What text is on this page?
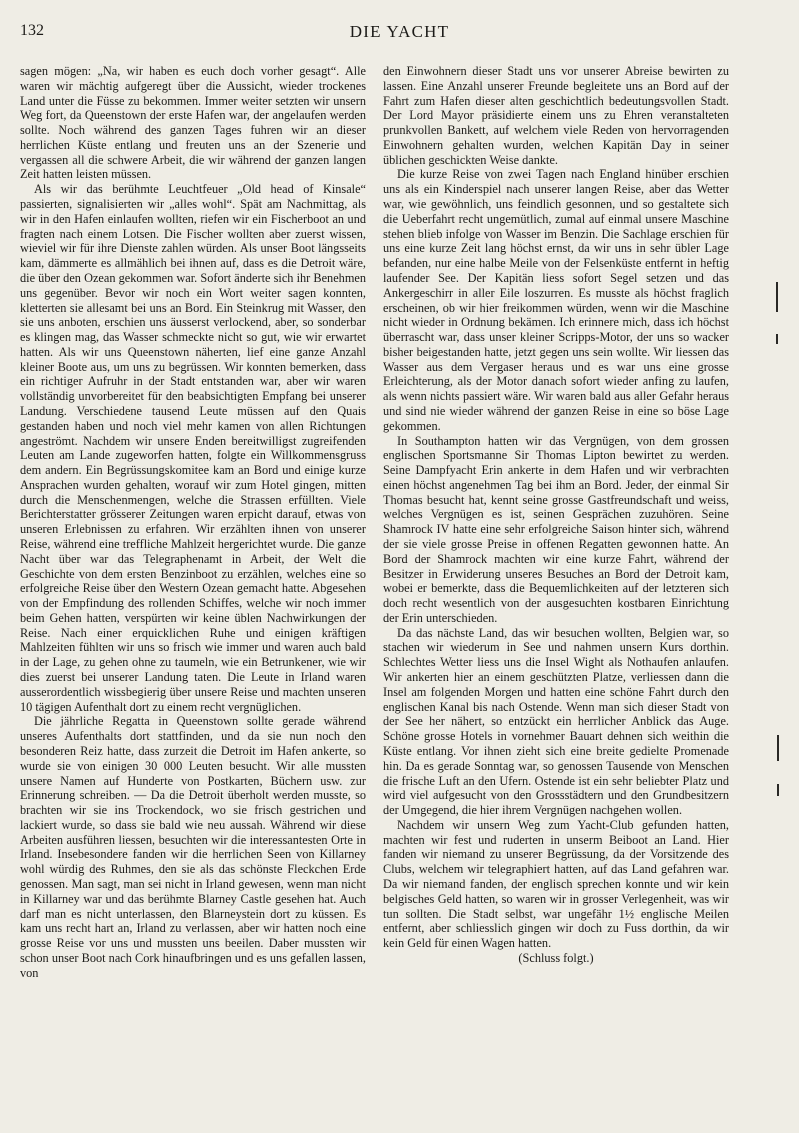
132	DIE YACHT

sagen mögen: „Na, wir haben es euch doch vorher gesagt“. Alle waren wir mächtig aufgeregt über die Aussicht, wieder trockenes Land unter die Füsse zu bekommen. Immer weiter setzten wir unsern Weg fort, da Queenstown der erste Hafen war, der angelaufen werden sollte. Noch während des ganzen Tages fuhren wir an dieser herrlichen Küste entlang und freuten uns an der Szenerie und vergassen all die schwere Arbeit, die wir während der ganzen langen Zeit hatten leisten müssen.

Als wir das berühmte Leuchtfeuer „Old head of Kinsale“ passierten, signalisierten wir „alles wohl“. Spät am Nachmittag, als wir in den Hafen einlaufen wollten, riefen wir ein Fischerboot an und fragten nach einem Lotsen. Die Fischer wollten aber zuerst wissen, wieviel wir für ihre Dienste zahlen würden. Als unser Boot längsseits kam, dämmerte es allmählich bei ihnen auf, dass es die Detroit wäre, die über den Ozean gekommen war. Sofort änderte sich ihr Benehmen uns gegenüber. Bevor wir noch ein Wort weiter sagen konnten, kletterten sie allesamt bei uns an Bord. Ein Steinkrug mit Wasser, den sie uns anboten, erschien uns äusserst verlockend, aber, so sonderbar es klingen mag, das Wasser schmeckte nicht so gut, wie wir erwartet hatten. Als wir uns Queenstown näherten, lief eine ganze Anzahl kleiner Boote aus, um uns zu begrüssen. Wir konnten bemerken, dass ein richtiger Aufruhr in der Stadt entstanden war, aber wir waren vollständig unvorbereitet für den beabsichtigten Empfang bei unserer Landung. Verschiedene tausend Leute müssen auf den Quais gestanden haben und noch viel mehr kamen von allen Richtungen angeströmt. Nachdem wir unsere Enden bereitwilligst zugreifenden Leuten am Lande zugeworfen hatten, folgte ein Willkommensgruss dem andern. Ein Begrüssungskomitee kam an Bord und einige kurze Ansprachen wurden gehalten, worauf wir zum Hotel gingen, mitten durch die Menschenmengen, welche die Strassen erfüllten. Viele Berichterstatter grösserer Zeitungen waren erpicht darauf, etwas von unseren Erlebnissen zu erfahren. Wir erzählten ihnen von unserer Reise, während eine treffliche Mahlzeit hergerichtet wurde. Die ganze Nacht über war das Telegraphenamt in Arbeit, der Welt die Geschichte von dem ersten Benzinboot zu erzählen, welches eine so erfolgreiche Reise über den Western Ozean gemacht hatte. Abgesehen von der Empfindung des rollenden Schiffes, welche wir noch immer beim Gehen hatten, verspürten wir keine üblen Nachwirkungen der Reise. Nach einer erquicklichen Ruhe und einigen kräftigen Mahlzeiten fühlten wir uns so frisch wie immer und waren auch bald in der Lage, zu gehen ohne zu taumeln, wie ein Betrunkener, wie wir dies zuerst bei unserer Landung taten. Die Leute in Irland waren ausserordentlich wissbegierig über unsere Reise und machten unseren 10 tägigen Aufenthalt dort zu einem recht vergnüglichen.

Die jährliche Regatta in Queenstown sollte gerade während unseres Aufenthalts dort stattfinden, und da sie nun noch den besonderen Reiz hatte, dass zurzeit die Detroit im Hafen ankerte, so wurde sie von einigen 30 000 Leuten besucht. Wir alle mussten unsere Namen auf Hunderte von Postkarten, Büchern usw. zur Erinnerung schreiben. — Da die Detroit überholt werden musste, so brachten wir sie ins Trockendock, wo sie frisch gestrichen und lackiert wurde, so dass sie bald wie neu aussah. Während wir diese Arbeiten ausführen liessen, besuchten wir die interessantesten Orte in Irland. Insebesondere fanden wir die herrlichen Seen von Killarney wohl würdig des Ruhmes, den sie als das schönste Fleckchen Erde genossen. Man sagt, man sei nicht in Irland gewesen, wenn man nicht in Killarney war und das berühmte Blarney Castle gesehen hat. Auch darf man es nicht unterlassen, den Blarneystein dort zu küssen. Es kam uns recht hart an, Irland zu verlassen, aber wir hatten noch eine grosse Reise vor uns und mussten uns beeilen. Daber mussten wir schon unser Boot nach Cork hinaufbringen und es uns gefallen lassen, von

den Einwohnern dieser Stadt uns vor unserer Abreise bewirten zu lassen. Eine Anzahl unserer Freunde begleitete uns an Bord auf der Fahrt zum Hafen dieser alten geschichtlich bedeutungsvollen Stadt. Der Lord Mayor präsidierte einem uns zu Ehren veranstalteten prunkvollen Bankett, auf welchem viele Reden von hervorragenden Einwohnern gehalten wurden, welchen Kapitän Day in seiner üblichen geschickten Weise dankte.

Die kurze Reise von zwei Tagen nach England hinüber erschien uns als ein Kinderspiel nach unserer langen Reise, aber das Wetter war, wie gewöhnlich, uns feindlich gesonnen, und so gestaltete sich die Ueberfahrt recht ungemütlich, zumal auf einmal unsere Maschine stehen blieb infolge von Wasser im Benzin. Die Sachlage erschien für uns eine kurze Zeit lang höchst ernst, da wir uns in sehr übler Lage befanden, nur eine halbe Meile von der Felsenküste entfernt in heftig laufender See. Der Kapitän liess sofort Segel setzen und das Ankergeschirr in aller Eile loszurren. Es musste als höchst fraglich erscheinen, ob wir hier freikommen würden, wenn wir die Maschine nicht wieder in Ordnung bekämen. Ich erinnere mich, dass ich höchst überrascht war, dass unser kleiner Scripps-Motor, der uns so wacker bisher beigestanden hatte, jetzt gegen uns sein wollte. Wir liessen das Wasser aus dem Vergaser heraus und es war uns eine grosse Erleichterung, als der Motor danach sofort wieder anfing zu laufen, als wenn nichts passiert wäre. Wir waren bald aus aller Gefahr heraus und sind nie wieder während der ganzen Reise in eine so böse Lage gekommen.

In Southampton hatten wir das Vergnügen, von dem grossen englischen Sportsmanne Sir Thomas Lipton bewirtet zu werden. Seine Dampfyacht Erin ankerte in dem Hafen und wir verbrachten einen höchst angenehmen Tag bei ihm an Bord. Jeder, der einmal Sir Thomas besucht hat, kennt seine grosse Gastfreundschaft und weiss, welches Vergnügen es ist, seinen Gesprächen zuzuhören. Seine Shamrock IV hatte eine sehr erfolgreiche Saison hinter sich, während der sie viele grosse Preise in offenen Regatten gewonnen hatte. An Bord der Shamrock machten wir eine kurze Fahrt, während der Besitzer in Erwiderung unseres Besuches an Bord der Detroit kam, wobei er bemerkte, dass die Bequemlichkeiten auf der letzteren sich doch recht wesentlich von der ausgesuchten kostbaren Einrichtung der Erin unterschieden.

Da das nächste Land, das wir besuchen wollten, Belgien war, so stachen wir wiederum in See und nahmen unsern Kurs dorthin. Schlechtes Wetter liess uns die Insel Wight als Nothaufen anlaufen. Wir ankerten hier an einem geschützten Platze, verliessen dann die Insel am folgenden Morgen und hatten eine schöne Fahrt durch den englischen Kanal bis nach Ostende. Wenn man sich dieser Stadt von der See her nähert, so entzückt ein herrlicher Anblick das Auge. Schöne grosse Hotels in vornehmer Bauart dehnen sich weithin die Küste entlang. Vor ihnen zieht sich eine breite gedielte Promenade hin. Da es gerade Sonntag war, so genossen Tausende von Menschen die frische Luft an den Ufern. Ostende ist ein sehr beliebter Platz und wird viel aufgesucht von den Grossstädtern und den Grundbesitzern der Umgegend, die hier ihrem Vergnügen nachgehen wollen.

Nachdem wir unsern Weg zum Yacht-Club gefunden hatten, machten wir fest und ruderten in unserm Beiboot an Land. Hier fanden wir niemand zu unserer Begrüssung, da der Vorsitzende des Clubs, welchem wir telegraphiert hatten, auf das Land gefahren war. Da wir niemand fanden, der englisch sprechen konnte und wir kein belgisches Geld hatten, so waren wir in grosser Verlegenheit, was wir tun sollten. Die Stadt selbst, war ungefähr 1½ englische Meilen entfernt, aber schliesslich gingen wir doch zu Fuss dorthin, da wir kein Geld für einen Wagen hatten.

(Schluss folgt.)
